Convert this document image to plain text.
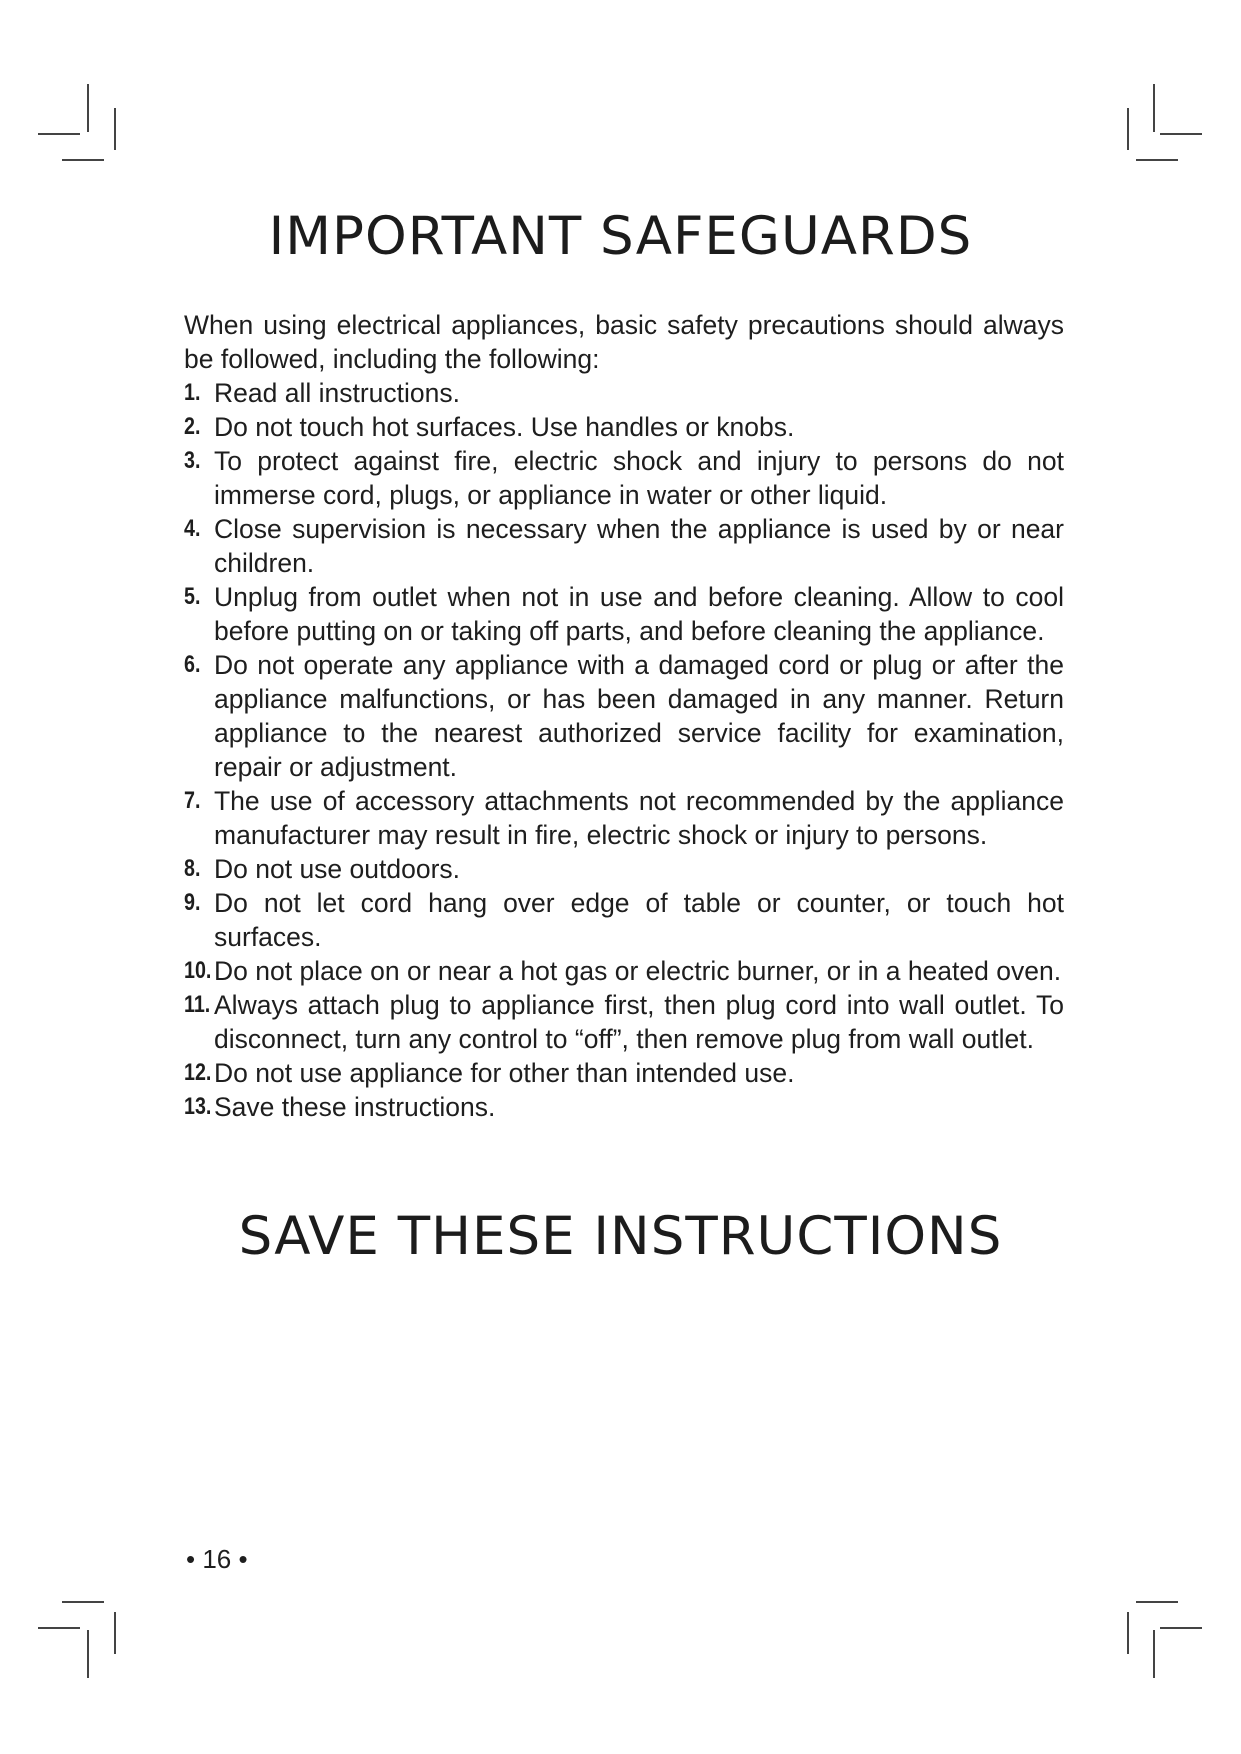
IMPORTANT SAFEGUARDS

When using electrical appliances, basic safety precautions should always be followed, including the following:

1. Read all instructions.
2. Do not touch hot surfaces. Use handles or knobs.
3. To protect against fire, electric shock and injury to persons do not immerse cord, plugs, or appliance in water or other liquid.
4. Close supervision is necessary when the appliance is used by or near children.
5. Unplug from outlet when not in use and before cleaning. Allow to cool before putting on or taking off parts, and before cleaning the appliance.
6. Do not operate any appliance with a damaged cord or plug or after the appliance malfunctions, or has been damaged in any manner. Return appliance to the nearest authorized service facility for examination, repair or adjustment.
7. The use of accessory attachments not recommended by the appliance manufacturer may result in fire, electric shock or injury to persons.
8. Do not use outdoors.
9. Do not let cord hang over edge of table or counter, or touch hot surfaces.
10. Do not place on or near a hot gas or electric burner, or in a heated oven.
11. Always attach plug to appliance first, then plug cord into wall outlet. To disconnect, turn any control to “off”, then remove plug from wall outlet.
12. Do not use appliance for other than intended use.
13. Save these instructions.
SAVE THESE INSTRUCTIONS
• 16 •
